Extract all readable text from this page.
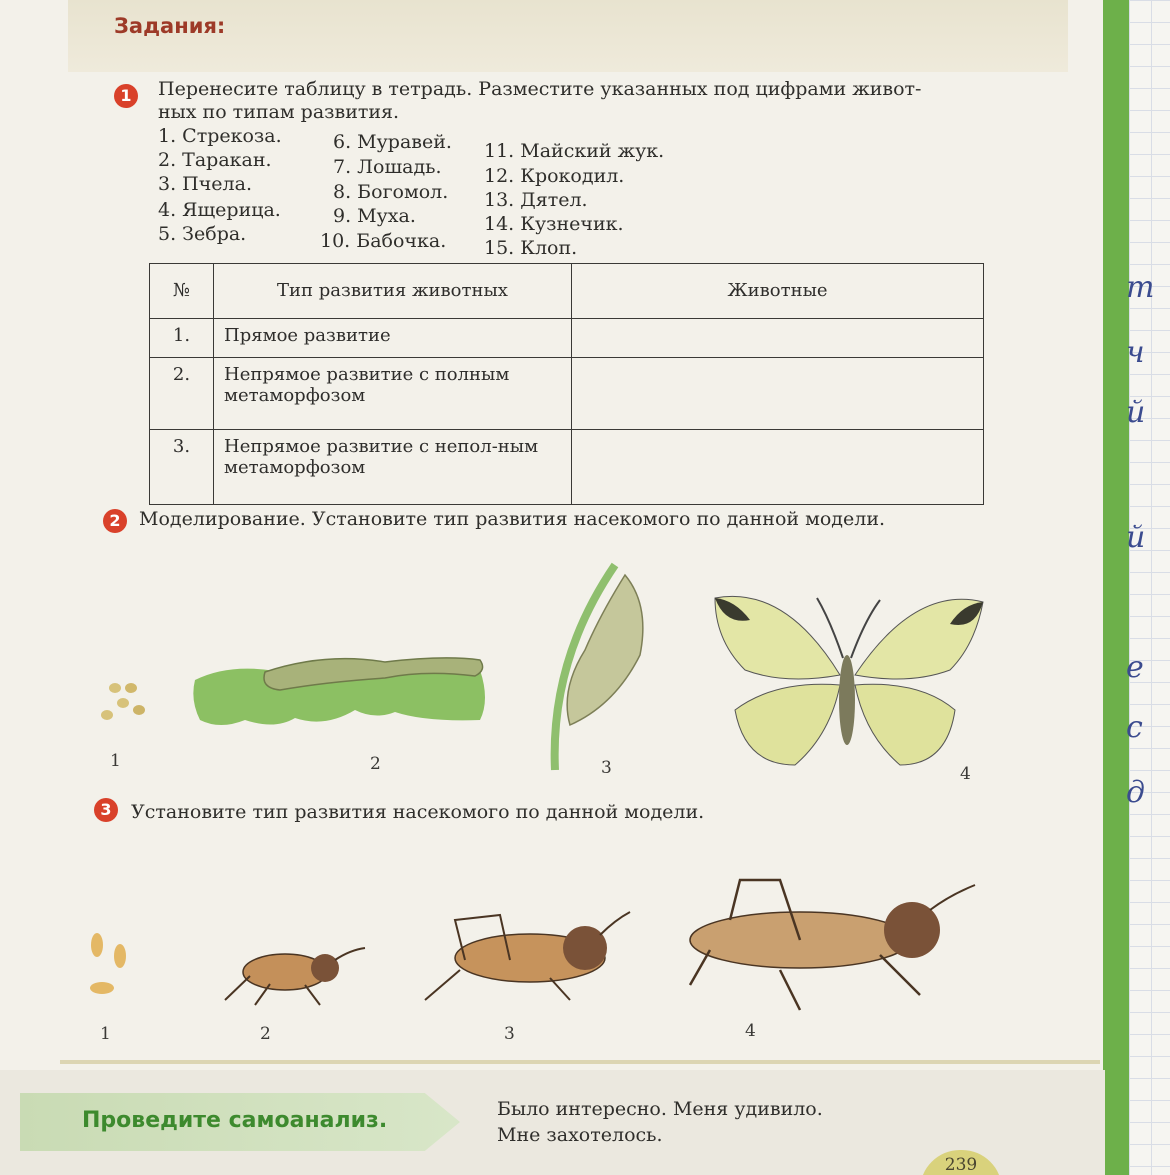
т
ч
й
й
е
с
д
Задания:
1	Перенесите таблицу в тетрадь. Разместите указанных под цифрами живот-
ных по типам развития.
1. Стрекоза.
2. Таракан.
3. Пчела.
4. Ящерица.
5. Зебра.
6. Муравей.
7. Лошадь.
8. Богомол.
9. Муха.
10. Бабочка.
11. Майский жук.
12. Крокодил.
13. Дятел.
14. Кузнечик.
15. Клоп.
№	Тип развития животных	Животные
1.	Прямое развитие	
2.	Непрямое развитие с полным метаморфозом	
3.	Непрямое развитие с непол-ным метаморфозом	
2 Моделирование. Установите тип развития насекомого по данной модели.
1	2	3	4
3	Установите тип развития насекомого по данной модели.
1	2	3	4
Проведите самоанализ.	Было интересно. Меня удивило.
Мне захотелось.
239
